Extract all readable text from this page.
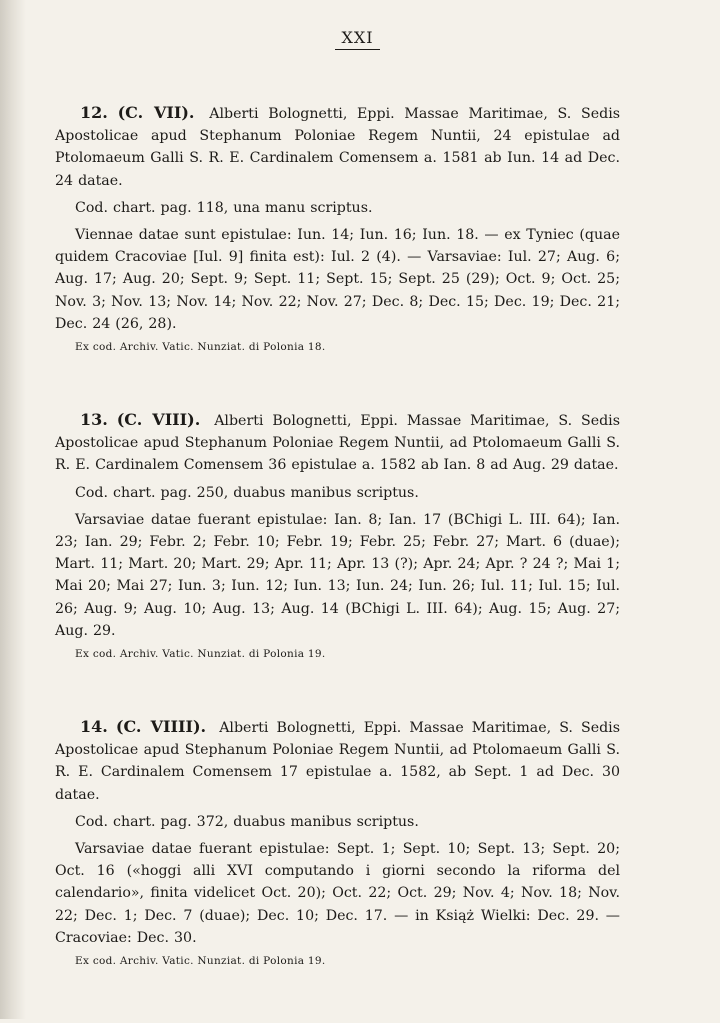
XXI

12. (C. VII). Alberti Bolognetti, Eppi. Massae Maritimae, S. Sedis Apostolicae apud Stephanum Poloniae Regem Nuntii, 24 epistulae ad Ptolomaeum Galli S. R. E. Cardinalem Comensem a. 1581 ab Iun. 14 ad Dec. 24 datae.

Cod. chart. pag. 118, una manu scriptus.

Viennae datae sunt epistulae: Iun. 14; Iun. 16; Iun. 18. — ex Tyniec (quae quidem Cracoviae [Iul. 9] finita est): Iul. 2 (4). — Varsaviae: Iul. 27; Aug. 6; Aug. 17; Aug. 20; Sept. 9; Sept. 11; Sept. 15; Sept. 25 (29); Oct. 9; Oct. 25; Nov. 3; Nov. 13; Nov. 14; Nov. 22; Nov. 27; Dec. 8; Dec. 15; Dec. 19; Dec. 21; Dec. 24 (26, 28).

Ex cod. Archiv. Vatic. Nunziat. di Polonia 18.

13. (C. VIII). Alberti Bolognetti, Eppi. Massae Maritimae, S. Sedis Apostolicae apud Stephanum Poloniae Regem Nuntii, ad Ptolomaeum Galli S. R. E. Cardinalem Comensem 36 epistulae a. 1582 ab Ian. 8 ad Aug. 29 datae.

Cod. chart. pag. 250, duabus manibus scriptus.

Varsaviae datae fuerant epistulae: Ian. 8; Ian. 17 (BChigi L. III. 64); Ian. 23; Ian. 29; Febr. 2; Febr. 10; Febr. 19; Febr. 25; Febr. 27; Mart. 6 (duae); Mart. 11; Mart. 20; Mart. 29; Apr. 11; Apr. 13 (?); Apr. 24; Apr. ? 24 ?; Mai 1; Mai 20; Mai 27; Iun. 3; Iun. 12; Iun. 13; Iun. 24; Iun. 26; Iul. 11; Iul. 15; Iul. 26; Aug. 9; Aug. 10; Aug. 13; Aug. 14 (BChigi L. III. 64); Aug. 15; Aug. 27; Aug. 29.

Ex cod. Archiv. Vatic. Nunziat. di Polonia 19.

14. (C. VIIII). Alberti Bolognetti, Eppi. Massae Maritimae, S. Sedis Apostolicae apud Stephanum Poloniae Regem Nuntii, ad Ptolomaeum Galli S. R. E. Cardinalem Comensem 17 epistulae a. 1582, ab Sept. 1 ad Dec. 30 datae.

Cod. chart. pag. 372, duabus manibus scriptus.

Varsaviae datae fuerant epistulae: Sept. 1; Sept. 10; Sept. 13; Sept. 20; Oct. 16 («hoggi alli XVI computando i giorni secondo la riforma del calendario», finita videlicet Oct. 20); Oct. 22; Oct. 29; Nov. 4; Nov. 18; Nov. 22; Dec. 1; Dec. 7 (duae); Dec. 10; Dec. 17. — in Książ Wielki: Dec. 29. — Cracoviae: Dec. 30.

Ex cod. Archiv. Vatic. Nunziat. di Polonia 19.
